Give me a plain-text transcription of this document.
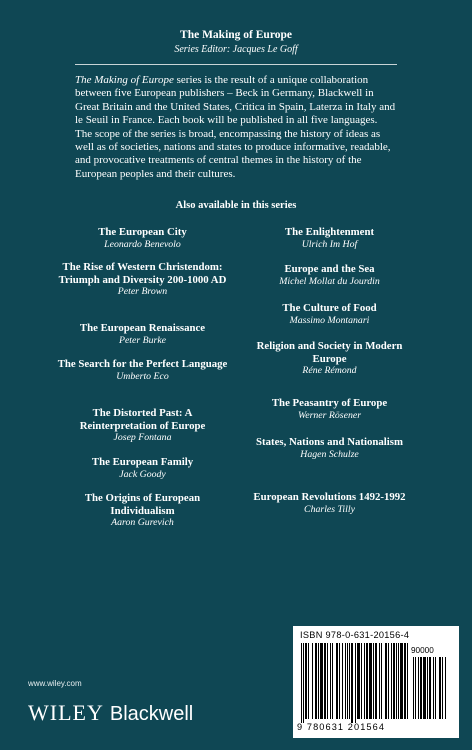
The Making of Europe
Series Editor: Jacques Le Goff

The Making of Europe series is the result of a unique collaboration between five European publishers – Beck in Germany, Blackwell in Great Britain and the United States, Critica in Spain, Laterza in Italy and le Seuil in France. Each book will be published in all five languages. The scope of the series is broad, encompassing the history of ideas as well as of societies, nations and states to produce informative, readable, and provocative treatments of central themes in the history of the European peoples and their cultures.

Also available in this series
The European City
Leonardo Benevolo
The Rise of Western Christendom: Triumph and Diversity 200-1000 AD
Peter Brown
The European Renaissance
Peter Burke
The Search for the Perfect Language
Umberto Eco
The Distorted Past: A Reinterpretation of Europe
Josep Fontana
The European Family
Jack Goody
The Origins of European Individualism
Aaron Gurevich
The Enlightenment
Ulrich Im Hof
Europe and the Sea
Michel Mollat du Jourdin
The Culture of Food
Massimo Montanari
Religion and Society in Modern Europe
Réne Rémond
The Peasantry of Europe
Werner Rösener
States, Nations and Nationalism
Hagen Schulze
European Revolutions 1492-1992
Charles Tilly
www.wiley.com
WILEY Blackwell
ISBN 978-0-631-20156-4
90000
9 780631 201564
